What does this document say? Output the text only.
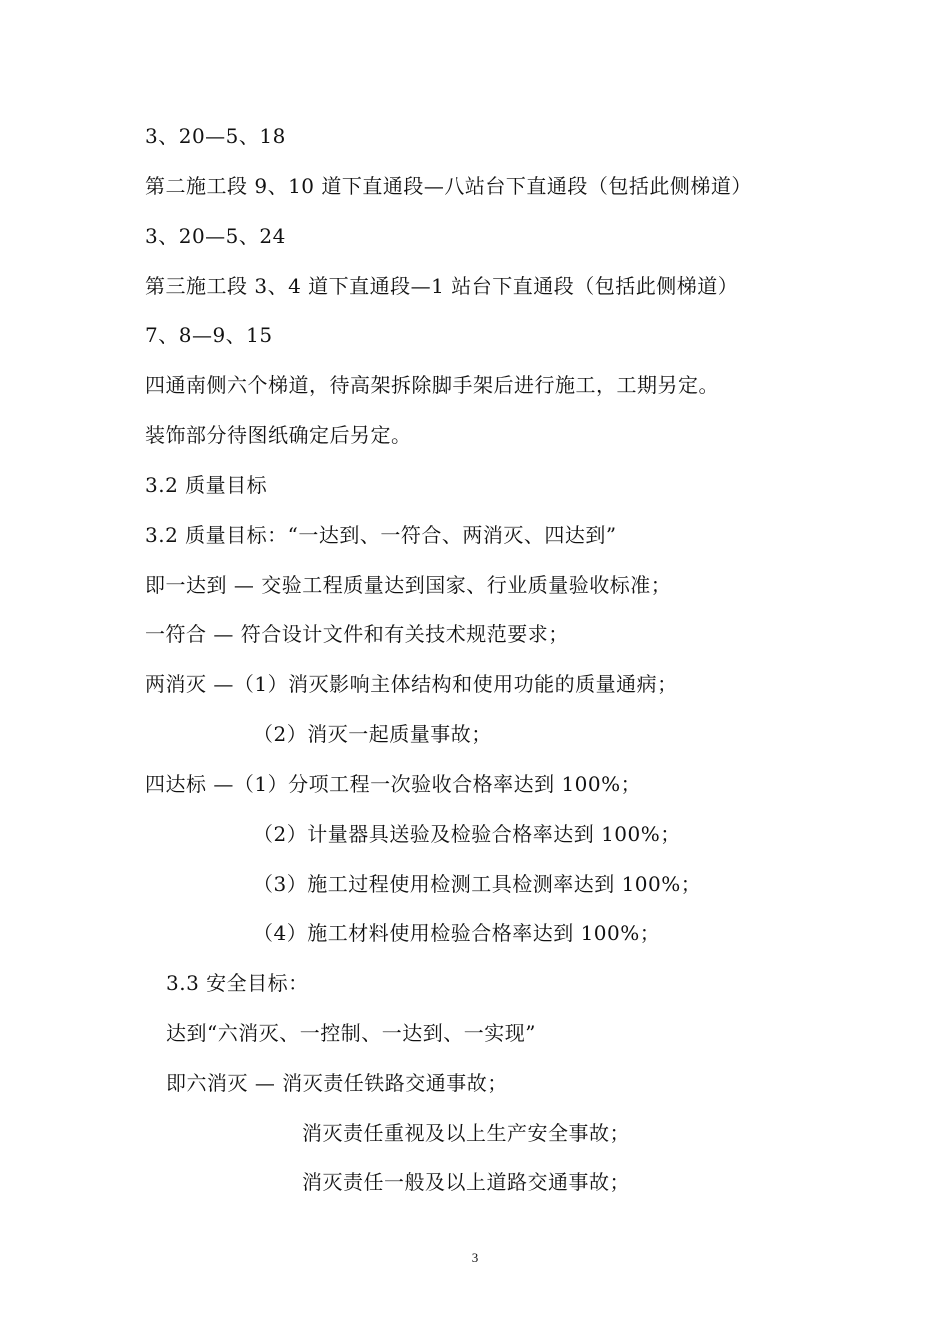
3、20—5、18
第二施工段 9、10 道下直通段—八站台下直通段（包括此侧梯道）
3、20—5、24
第三施工段 3、4 道下直通段—1 站台下直通段（包括此侧梯道）
7、8—9、15
四通南侧六个梯道，待高架拆除脚手架后进行施工，工期另定。
装饰部分待图纸确定后另定。
3.2 质量目标
3.2 质量目标：“一达到、一符合、两消灭、四达到”
即一达到 — 交验工程质量达到国家、行业质量验收标准；
一符合 — 符合设计文件和有关技术规范要求；
两消灭 —（1）消灭影响主体结构和使用功能的质量通病；
（2）消灭一起质量事故；
四达标 —（1）分项工程一次验收合格率达到 100%；
（2）计量器具送验及检验合格率达到 100%；
（3）施工过程使用检测工具检测率达到 100%；
（4）施工材料使用检验合格率达到 100%；
3.3 安全目标：
达到“六消灭、一控制、一达到、一实现”
即六消灭 — 消灭责任铁路交通事故；
消灭责任重视及以上生产安全事故；
消灭责任一般及以上道路交通事故；
3
